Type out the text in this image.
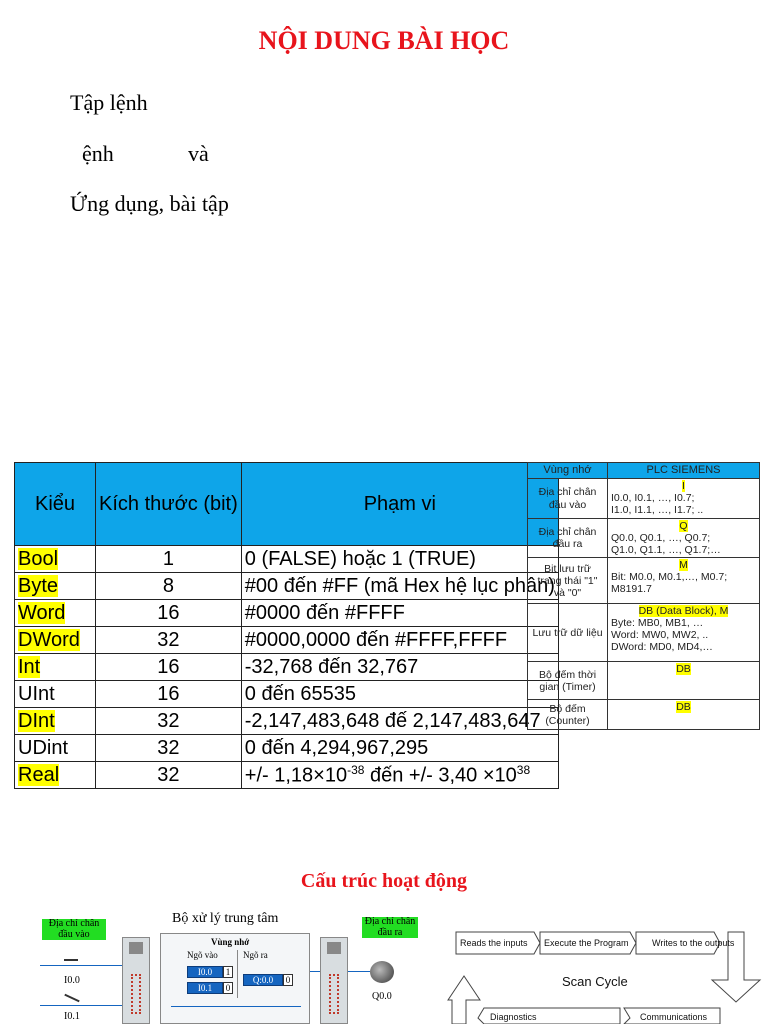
NỘI DUNG BÀI HỌC
Tập lệnh
ệnh	và
Ứng dụng, bài tập
Kiểu	Kích thước (bit)	Phạm vi
Bool	1	0 (FALSE) hoặc 1 (TRUE)
Byte	8	#00 đến #FF (mã Hex hệ lục phân)
Word	16	#0000 đến #FFFF
DWord	32	#0000,0000 đến #FFFF,FFFF
Int	16	-32,768 đến 32,767
UInt	16	0 đến 65535
DInt	32	-2,147,483,648 đế 2,147,483,647
UDint	32	0 đến 4,294,967,295
Real	32	+/- $1,18\times 10^{-38}$ đến +/- $3,40 \times 10^{38}$
Vùng nhớ	PLC SIEMENS
Địa chỉ chân đầu vào	I
I0.0, I0.1, …, I0.7;
I1.0, I1.1, …, I1.7; ..

Địa chỉ chân đầu ra	Q
Q0.0, Q0.1, …, Q0.7;
Q1.0, Q1.1, …, Q1.7;…

Bit lưu trữ trạng thái "1" và "0"	M
Bit: M0.0, M0.1,…, M0.7;
M8191.7

Lưu trữ dữ liệu	DB (Data Block), M
Byte: MB0, MB1, …
Word: MW0, MW2, ..
DWord: MD0, MD4,…

Bộ đếm thời gian (Timer)	DB

Bộ đếm (Counter)	DB
Cấu trúc hoạt động
Địa chỉ chân đầu vào
Bộ xử lý trung tâm	Địa chỉ chân đầu ra
I0.0
I0.1
Vùng nhớ
Ngõ vào	Ngõ ra
I0.0	1
I0.1	0
Q:0.0	0
Q0.0
Reads the inputs Execute the Program	Writes to the outputs
Scan Cycle
Diagnostics	Communications
